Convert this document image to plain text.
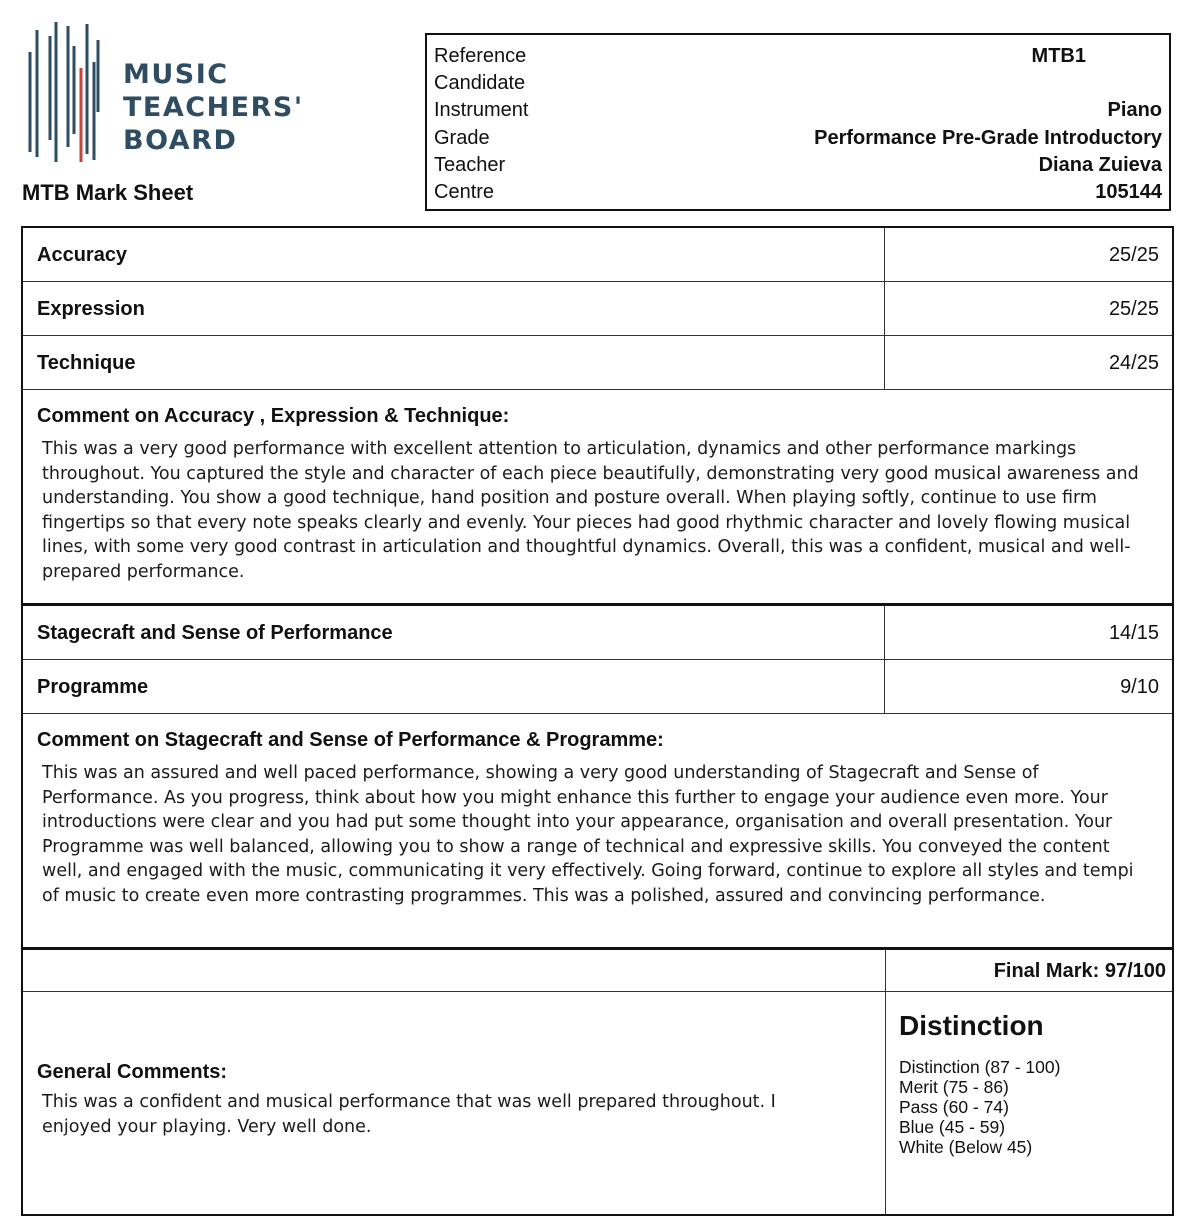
MUSIC
TEACHERS'
BOARD
MTB Mark Sheet
Reference	MTB1
Candidate
Instrument	Piano
Grade	Performance Pre-Grade Introductory
Teacher	Diana Zuieva
Centre	105144
Accuracy	25/25
Expression	25/25
Technique	24/25
Comment on Accuracy , Expression & Technique:
This was a very good performance with excellent attention to articulation, dynamics and other performance markings throughout. You captured the style and character of each piece beautifully, demonstrating very good musical awareness and understanding. You show a good technique, hand position and posture overall. When playing softly, continue to use firm fingertips so that every note speaks clearly and evenly. Your pieces had good rhythmic character and lovely flowing musical lines, with some very good contrast in articulation and thoughtful dynamics. Overall, this was a confident, musical and well-prepared performance.
Stagecraft and Sense of Performance	14/15
Programme	9/10
Comment on Stagecraft and Sense of Performance & Programme:
This was an assured and well paced performance, showing a very good understanding of Stagecraft and Sense of Performance. As you progress, think about how you might enhance this further to engage your audience even more. Your introductions were clear and you had put some thought into your appearance, organisation and overall presentation. Your Programme was well balanced, allowing you to show a range of technical and expressive skills. You conveyed the content well, and engaged with the music, communicating it very effectively. Going forward, continue to explore all styles and tempi of music to create even more contrasting programmes. This was a polished, assured and convincing performance.
Final Mark: 97/100
General Comments:
This was a confident and musical performance that was well prepared throughout. I enjoyed your playing. Very well done.
Distinction
Distinction (87 - 100)
Merit (75 - 86)
Pass (60 - 74)
Blue (45 - 59)
White (Below 45)
